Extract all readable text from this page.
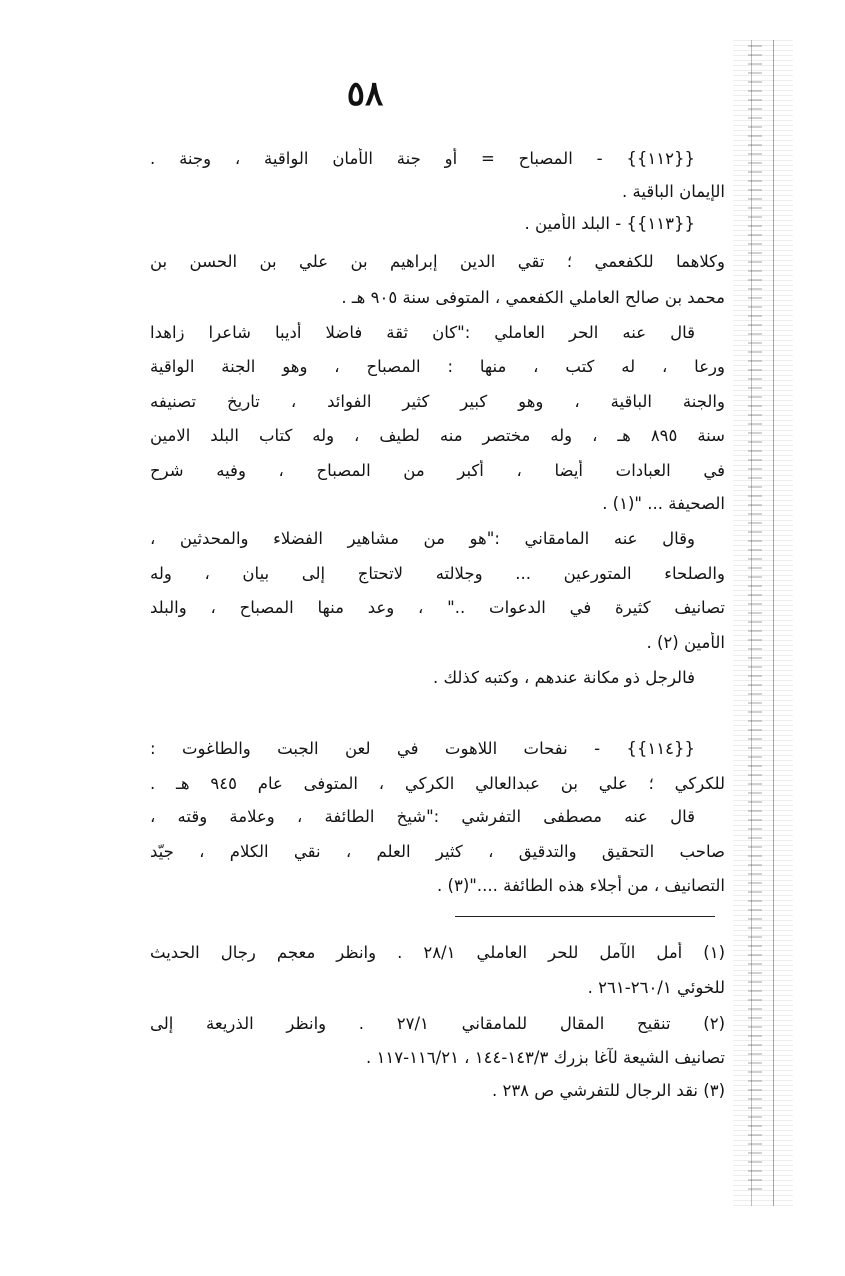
٥٨
{{١١٢}} - المصباح = أو جنة الأمان الواقية ، وجنة .
الإيمان الباقية .
{{١١٣}} - البلد الأمين .
وكلاهما للكفعمي ؛ تقي الدين إبراهيم بن علي بن الحسن بن
محمد بن صالح العاملي الكفعمي ، المتوفى سنة ٩٠٥ هـ .
قال عنه الحر العاملي :"كان ثقة فاضلا أديبا شاعرا زاهدا
ورعا ، له كتب ، منها : المصباح ، وهو الجنة الواقية
والجنة الباقية ، وهو كبير كثير الفوائد ، تاريخ تصنيفه
سنة ٨٩٥ هـ ، وله مختصر منه لطيف ، وله كتاب البلد الامين
في العبادات أيضا ، أكبر من المصباح ، وفيه شرح
الصحيفة ... "(١) .
وقال عنه المامقاني :"هو من مشاهير الفضلاء والمحدثين ،
والصلحاء المتورعين ... وجلالته لاتحتاج إلى بيان ، وله
تصانيف كثيرة في الدعوات .." ، وعد منها المصباح ، والبلد
الأمين (٢) .
فالرجل ذو مكانة عندهم ، وكتبه كذلك .
{{١١٤}} - نفحات اللاهوت في لعن الجبت والطاغوت :
للكركي ؛ علي بن عبدالعالي الكركي ، المتوفى عام ٩٤٥ هـ .
قال عنه مصطفى التفرشي :"شيخ الطائفة ، وعلامة وقته ،
صاحب التحقيق والتدقيق ، كثير العلم ، نقي الكلام ، جيّد
التصانيف ، من أجلاء هذه الطائفة ...."(٣) .
(١) أمل الآمل للحر العاملي ٢٨/١ . وانظر معجم رجال الحديث
للخوئي ٢٦٠/١-٢٦١ .
(٢) تنقيح المقال للمامقاني ٢٧/١ . وانظر الذريعة إلى
تصانيف الشيعة لآغا بزرك ١٤٣/٣-١٤٤ ، ١١٦/٢١-١١٧ .
(٣) نقد الرجال للتفرشي ص ٢٣٨ .
